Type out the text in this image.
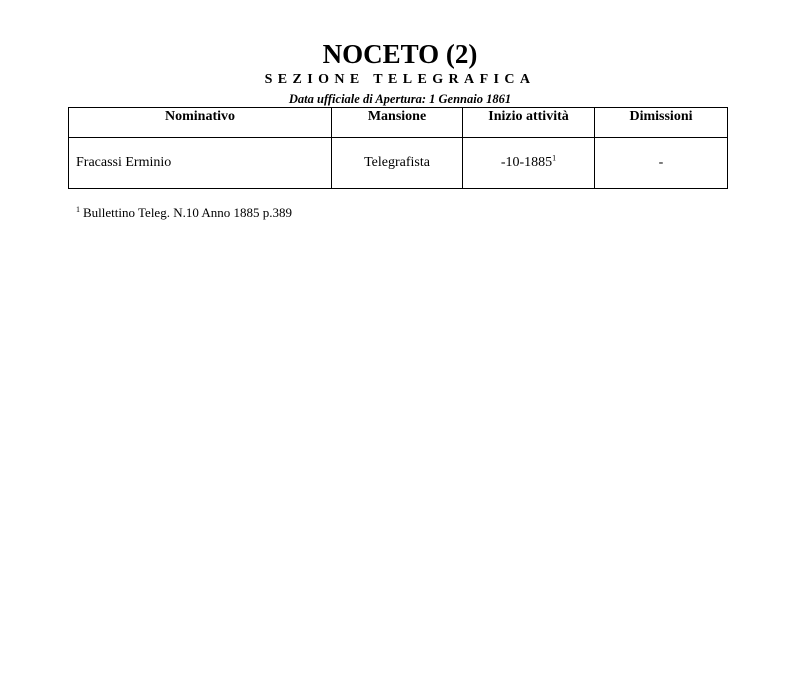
NOCETO (2)
SEZIONE TELEGRAFICA
Data ufficiale di Apertura: 1 Gennaio 1861
Nominativo	Mansione	Inizio attività	Dimissioni
Fracassi Erminio	Telegrafista	-10-1885$^1$	-
$^1$ Bullettino Teleg. N.10 Anno 1885 p.389
